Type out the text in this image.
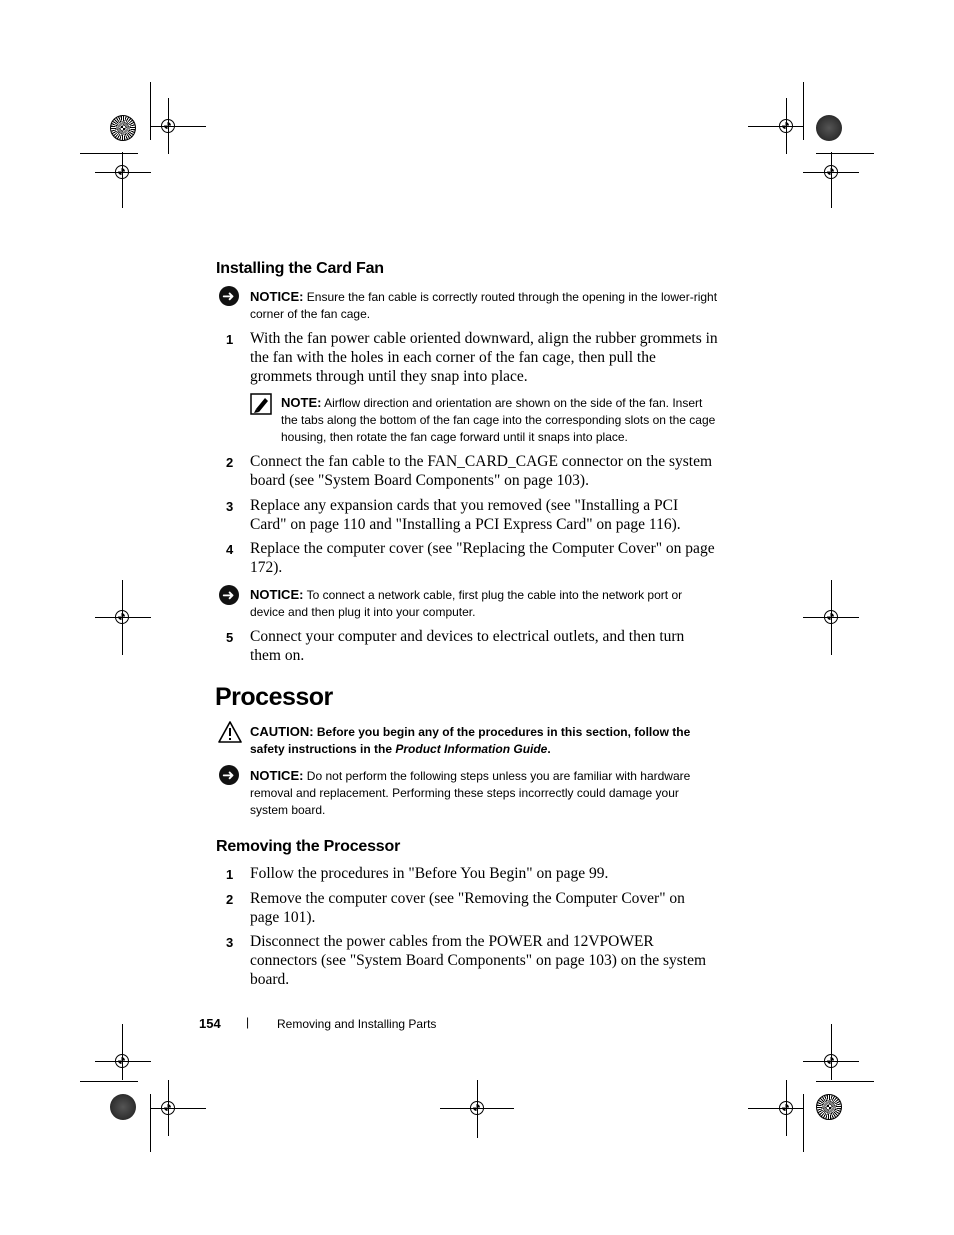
Installing the Card Fan
➜
NOTICE: Ensure the fan cable is correctly routed through the opening in the lower-right corner of the fan cage.
1 With the fan power cable oriented downward, align the rubber grommets in the fan with the holes in each corner of the fan cage, then pull the grommets through until they snap into place.
NOTE: Airflow direction and orientation are shown on the side of the fan. Insert the tabs along the bottom of the fan cage into the corresponding slots on the cage housing, then rotate the fan cage forward until it snaps into place.
2 Connect the fan cable to the FAN_CARD_CAGE connector on the system board (see "System Board Components" on page 103).
3 Replace any expansion cards that you removed (see "Installing a PCI Card" on page 110 and "Installing a PCI Express Card" on page 116).
4 Replace the computer cover (see "Replacing the Computer Cover" on page 172).
➜
NOTICE: To connect a network cable, first plug the cable into the network port or device and then plug it into your computer.
5 Connect your computer and devices to electrical outlets, and then turn them on.
Processor
CAUTION: Before you begin any of the procedures in this section, follow the safety instructions in the Product Information Guide.
➜
NOTICE: Do not perform the following steps unless you are familiar with hardware removal and replacement. Performing these steps incorrectly could damage your system board.
Removing the Processor
1 Follow the procedures in "Before You Begin" on page 99.
2 Remove the computer cover (see "Removing the Computer Cover" on page 101).
3 Disconnect the power cables from the POWER and 12VPOWER connectors (see "System Board Components" on page 103) on the system board.
154 | Removing and Installing Parts
